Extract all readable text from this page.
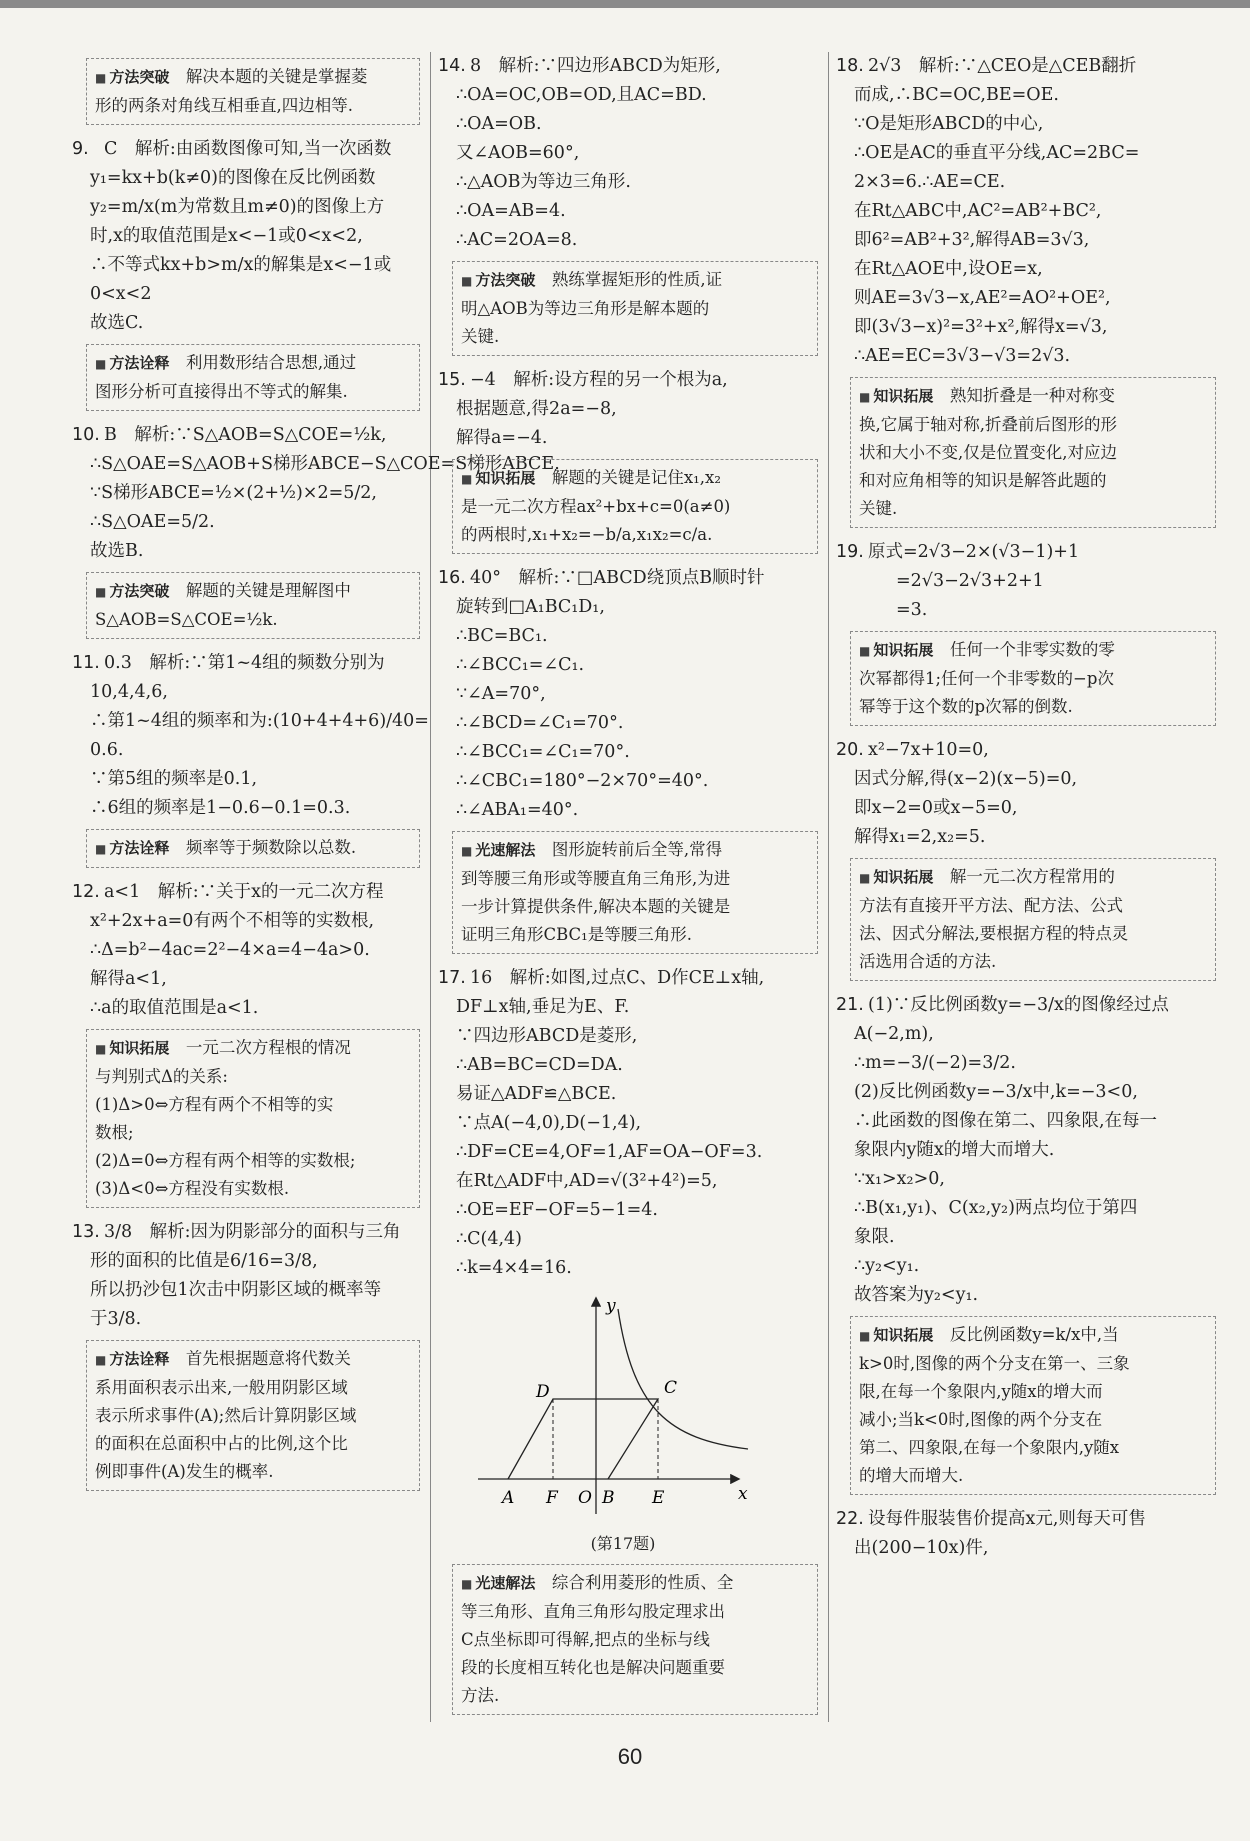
■ 方法突破　 解决本题的关键是掌握菱
形的两条对角线互相垂直,四边相等.
9. C　解析:由函数图像可知,当一次函数
y₁=kx+b(k≠0)的图像在反比例函数
y₂=m/x(m为常数且m≠0)的图像上方
时,x的取值范围是x<−1或0<x<2,
∴不等式kx+b>m/x的解集是x<−1或
0<x<2
故选C.
■ 方法诠释　 利用数形结合思想,通过
图形分析可直接得出不等式的解集.
10. B　解析:∵S△AOB=S△COE=½k,
∴S△OAE=S△AOB+S梯形ABCE−S△COE=S梯形ABCE.
∵S梯形ABCE=½×(2+½)×2=5/2,
∴S△OAE=5/2.
故选B.
■ 方法突破　 解题的关键是理解图中
S△AOB=S△COE=½k.
11. 0.3　解析:∵第1~4组的频数分别为
10,4,4,6,
∴第1~4组的频率和为:(10+4+4+6)/40=
0.6.
∵第5组的频率是0.1,
∴6组的频率是1−0.6−0.1=0.3.
■ 方法诠释　 频率等于频数除以总数.
12. a<1　解析:∵关于x的一元二次方程
x²+2x+a=0有两个不相等的实数根,
∴Δ=b²−4ac=2²−4×a=4−4a>0.
解得a<1,
∴a的取值范围是a<1.
■ 知识拓展　 一元二次方程根的情况
与判别式Δ的关系:
(1)Δ>0⇔方程有两个不相等的实
数根;
(2)Δ=0⇔方程有两个相等的实数根;
(3)Δ<0⇔方程没有实数根.
13. 3/8　解析:因为阴影部分的面积与三角
形的面积的比值是6/16=3/8,
所以扔沙包1次击中阴影区域的概率等
于3/8.
■ 方法诠释　 首先根据题意将代数关
系用面积表示出来,一般用阴影区域
表示所求事件(A);然后计算阴影区域
的面积在总面积中占的比例,这个比
例即事件(A)发生的概率.
14. 8　解析:∵四边形ABCD为矩形,
∴OA=OC,OB=OD,且AC=BD.
∴OA=OB.
又∠AOB=60°,
∴△AOB为等边三角形.
∴OA=AB=4.
∴AC=2OA=8.
■ 方法突破　 熟练掌握矩形的性质,证
明△AOB为等边三角形是解本题的
关键.
15. −4　解析:设方程的另一个根为a,
根据题意,得2a=−8,
解得a=−4.
■ 知识拓展　 解题的关键是记住x₁,x₂
是一元二次方程ax²+bx+c=0(a≠0)
的两根时,x₁+x₂=−b/a,x₁x₂=c/a.
16. 40°　解析:∵□ABCD绕顶点B顺时针
旋转到□A₁BC₁D₁,
∴BC=BC₁.
∴∠BCC₁=∠C₁.
∵∠A=70°,
∴∠BCD=∠C₁=70°.
∴∠BCC₁=∠C₁=70°.
∴∠CBC₁=180°−2×70°=40°.
∴∠ABA₁=40°.
■ 光速解法　 图形旋转前后全等,常得
到等腰三角形或等腰直角三角形,为进
一步计算提供条件,解决本题的关键是
证明三角形CBC₁是等腰三角形.
17. 16　解析:如图,过点C、D作CE⊥x轴,
DF⊥x轴,垂足为E、F.
∵四边形ABCD是菱形,
∴AB=BC=CD=DA.
易证△ADF≌△BCE.
∵点A(−4,0),D(−1,4),
∴DF=CE=4,OF=1,AF=OA−OF=3.
在Rt△ADF中,AD=√(3²+4²)=5,
∴OE=EF−OF=5−1=4.
∴C(4,4)
∴k=4×4=16.
y
x
D	C
A F O B E
(第17题)
■ 光速解法　 综合利用菱形的性质、全
等三角形、直角三角形勾股定理求出
C点坐标即可得解,把点的坐标与线
段的长度相互转化也是解决问题重要
方法.
18. 2√3　解析:∵△CEO是△CEB翻折
而成,∴BC=OC,BE=OE.
∵O是矩形ABCD的中心,
∴OE是AC的垂直平分线,AC=2BC=
2×3=6.∴AE=CE.
在Rt△ABC中,AC²=AB²+BC²,
即6²=AB²+3²,解得AB=3√3,
在Rt△AOE中,设OE=x,
则AE=3√3−x,AE²=AO²+OE²,
即(3√3−x)²=3²+x²,解得x=√3,
∴AE=EC=3√3−√3=2√3.
■ 知识拓展　 熟知折叠是一种对称变
换,它属于轴对称,折叠前后图形的形
状和大小不变,仅是位置变化,对应边
和对应角相等的知识是解答此题的
关键.
19. 原式=2√3−2×(√3−1)+1
=2√3−2√3+2+1
=3.
■ 知识拓展　 任何一个非零实数的零
次幂都得1;任何一个非零数的−p次
幂等于这个数的p次幂的倒数.
20. x²−7x+10=0,
因式分解,得(x−2)(x−5)=0,
即x−2=0或x−5=0,
解得x₁=2,x₂=5.
■ 知识拓展　 解一元二次方程常用的
方法有直接开平方法、配方法、公式
法、因式分解法,要根据方程的特点灵
活选用合适的方法.
21. (1)∵反比例函数y=−3/x的图像经过点
A(−2,m),
∴m=−3/(−2)=3/2.
(2)反比例函数y=−3/x中,k=−3<0,
∴此函数的图像在第二、四象限,在每一
象限内y随x的增大而增大.
∵x₁>x₂>0,
∴B(x₁,y₁)、C(x₂,y₂)两点均位于第四
象限.
∴y₂<y₁.
故答案为y₂<y₁.
■ 知识拓展　 反比例函数y=k/x中,当
k>0时,图像的两个分支在第一、三象
限,在每一个象限内,y随x的增大而
减小;当k<0时,图像的两个分支在
第二、四象限,在每一个象限内,y随x
的增大而增大.
22. 设每件服装售价提高x元,则每天可售
出(200−10x)件,
60
